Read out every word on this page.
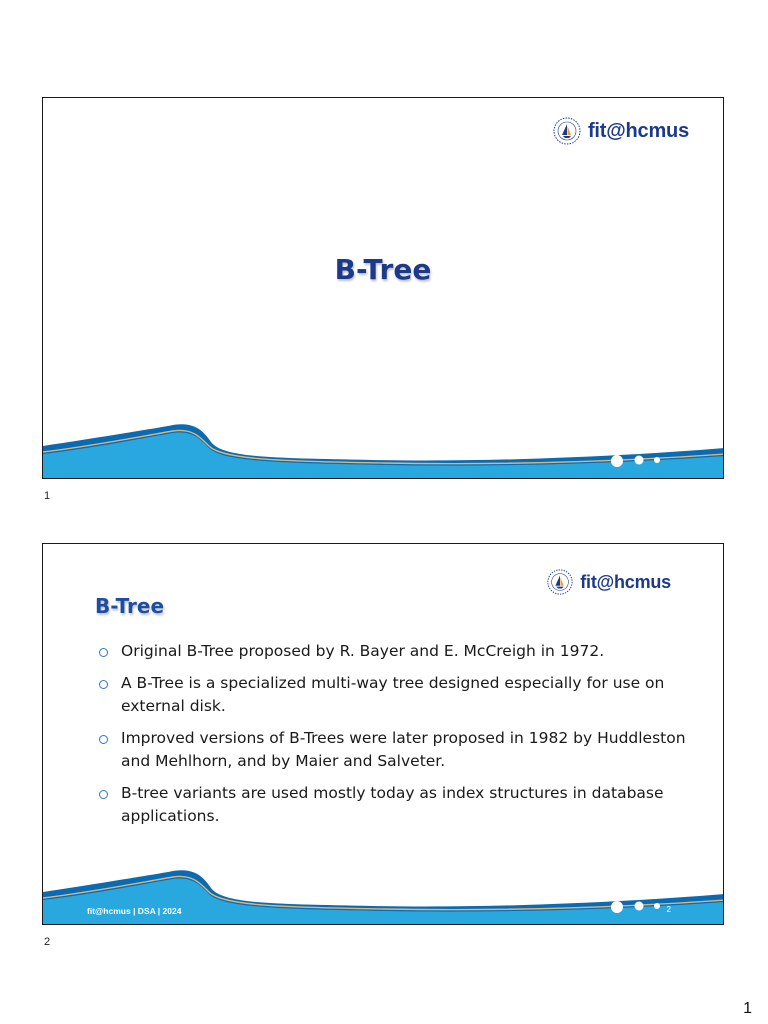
fit@hcmus
B-Tree
1
fit@hcmus
B-Tree
Original B-Tree proposed by R. Bayer and E. McCreigh in 1972.
A B-Tree is a specialized multi-way tree designed especially for use on external disk.
Improved versions of B-Trees were later proposed in 1982 by Huddleston and Mehlhorn, and by Maier and Salveter.
B-tree variants are used mostly today as index structures in database applications.
fit@hcmus | DSA | 2024	2
2
1
